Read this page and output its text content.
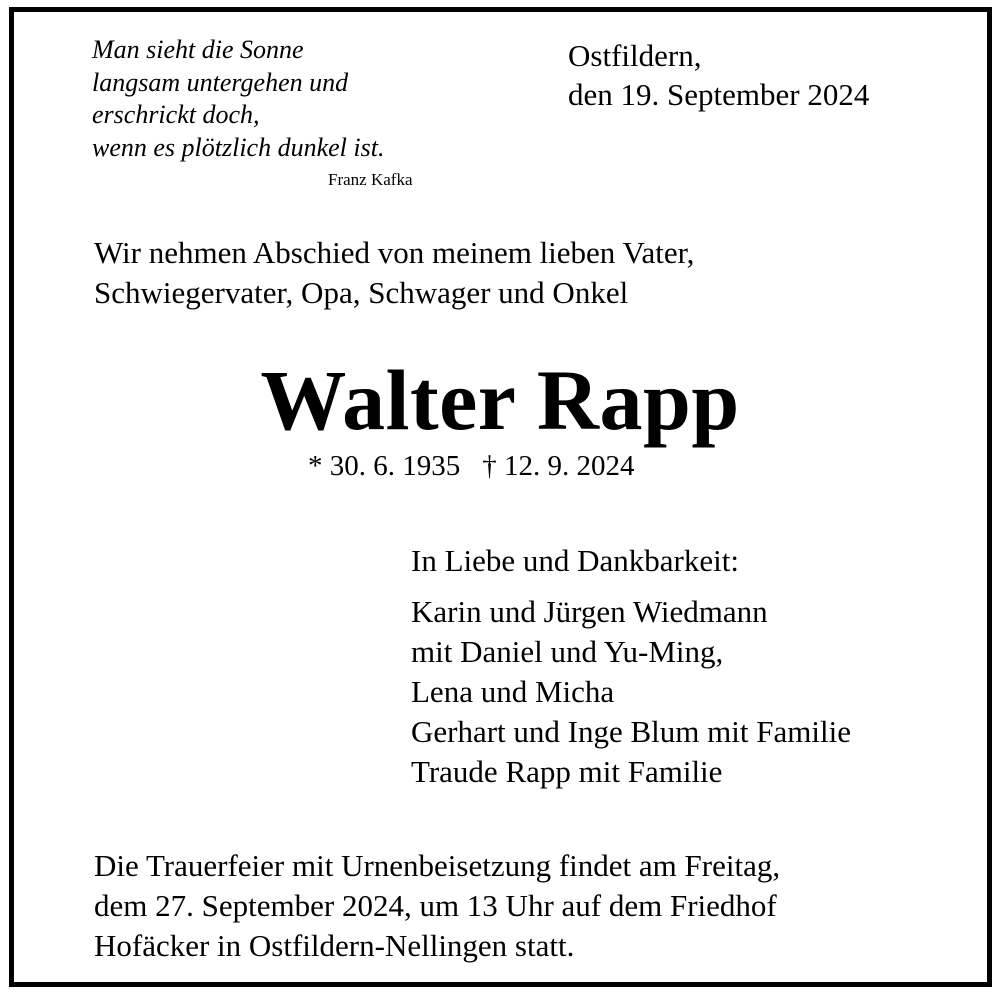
Man sieht die Sonne
langsam untergehen und
erschrickt doch,
wenn es plötzlich dunkel ist.
Franz Kafka
Ostfildern,
den 19. September 2024
Wir nehmen Abschied von meinem lieben Vater,
Schwiegervater, Opa, Schwager und Onkel
Walter Rapp
* 30. 6. 1935 † 12. 9. 2024
In Liebe und Dankbarkeit:
Karin und Jürgen Wiedmann
mit Daniel und Yu-Ming,
Lena und Micha
Gerhart und Inge Blum mit Familie
Traude Rapp mit Familie
Die Trauerfeier mit Urnenbeisetzung findet am Freitag,
dem 27. September 2024, um 13 Uhr auf dem Friedhof
Hofäcker in Ostfildern-Nellingen statt.
